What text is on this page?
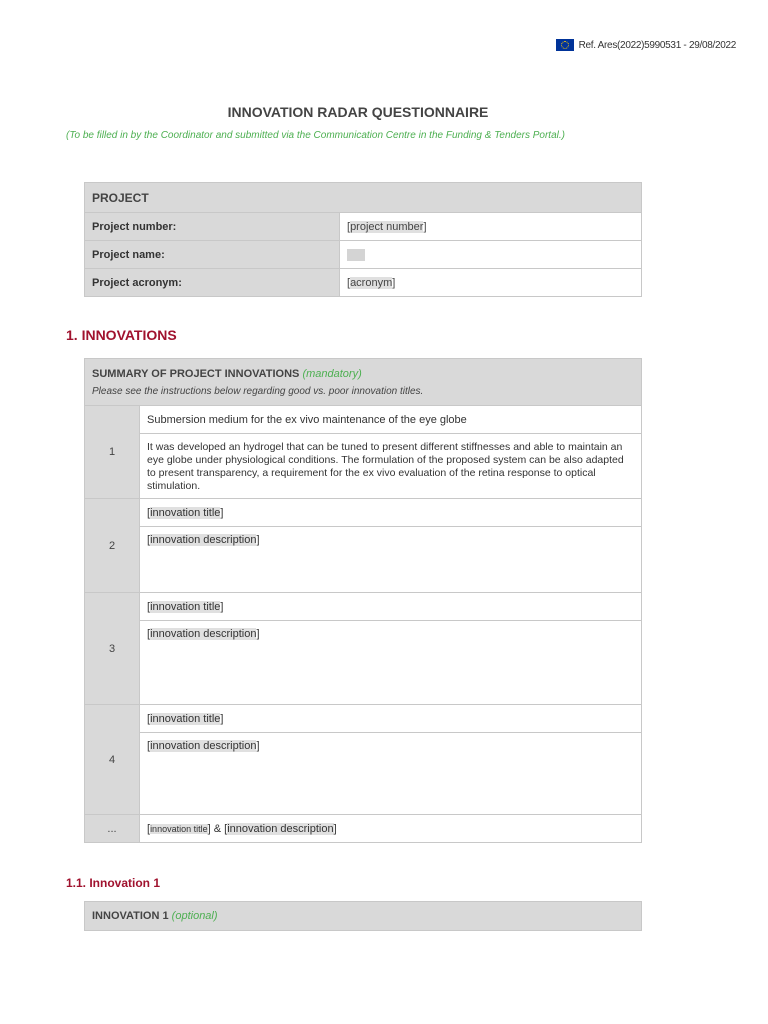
Ref. Ares(2022)5990531 - 29/08/2022
INNOVATION RADAR QUESTIONNAIRE
(To be filled in by the Coordinator and submitted via the Communication Centre in the Funding & Tenders Portal.)
PROJECT	
Project number:	[project number]
Project name:	
Project acronym:	[acronym]
1. INNOVATIONS
SUMMARY OF PROJECT INNOVATIONS (mandatory)
Please see the instructions below regarding good vs. poor innovation titles.	

1	Submersion medium for the ex vivo maintenance of the eye globe
	It was developed an hydrogel that can be tuned to present different stiffnesses and able to maintain an eye globe under physiological conditions. The formulation of the proposed system can be also adapted to present transparency, a requirement for the ex vivo evaluation of the retina response to optical stimulation.
2	[innovation title]
	[innovation description]
3	[innovation title]
	[innovation description]
4	[innovation title]
	[innovation description]
...	[innovation title] & [innovation description]
1.1. Innovation 1
INNOVATION 1 (optional)
